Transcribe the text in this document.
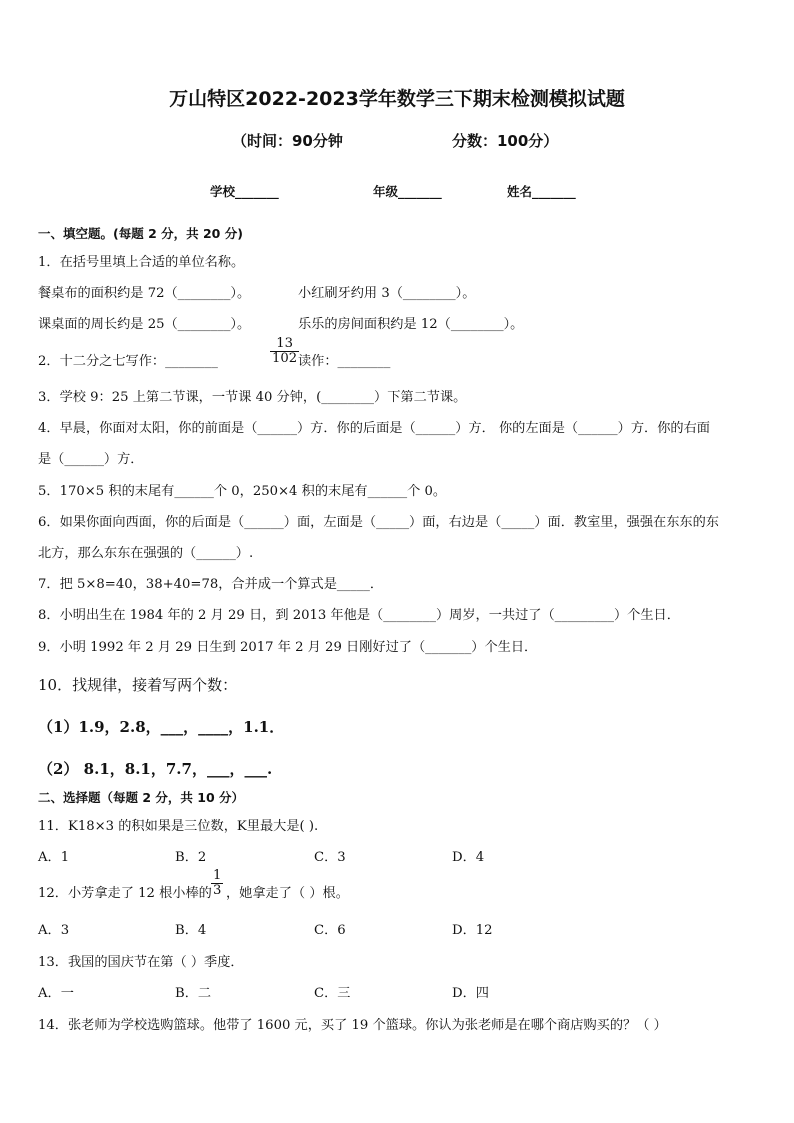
万山特区2022-2023学年数学三下期末检测模拟试题
（时间：90分钟	分数：100分）
学校_______	年级_______	姓名_______
一、填空题。(每题 2 分，共 20 分)
1．在括号里填上合适的单位名称。
餐桌布的面积约是 72（________）。	小红刷牙约用 3（________）。
课桌面的周长约是 25（________）。	乐乐的房间面积约是 12（________）。
2．十二分之七写作：________	$\frac{13}{102}$
读作：________
3．学校 9：25 上第二节课，一节课 40 分钟，(________）下第二节课。
4．早晨，你面对太阳，你的前面是（______）方．你的后面是（______）方． 你的左面是（______）方．你的右面
是（______）方．
5．170×5 积的末尾有______个 0，250×4 积的末尾有______个 0。
6．如果你面向西面，你的后面是（______）面，左面是（_____）面，右边是（_____）面．教室里，强强在东东的东
北方，那么东东在强强的（______）.
7．把 5×8=40，38+40=78，合并成一个算式是_____．
8．小明出生在 1984 年的 2 月 29 日，到 2013 年他是（________）周岁，一共过了（_________）个生日．
9．小明 1992 年 2 月 29 日生到 2017 年 2 月 29 日刚好过了（_______）个生日．
10．找规律，接着写两个数：
（1）1.9，2.8，___，____，1.1．
（2） 8.1，8.1，7.7，___，___.
二、选择题（每题 2 分，共 10 分）
11．K18×3 的积如果是三位数，K里最大是( ).
A．1	B．2	C．3	D．4
12．小芳拿走了 12 根小棒的 $\frac{1}{3}$ ，她拿走了（ ）根。
A．3	B．4	C．6	D．12
13．我国的国庆节在第（ ）季度．
A．一	B．二	C．三	D．四
14．张老师为学校选购篮球。他带了 1600 元，买了 19 个篮球。你认为张老师是在哪个商店购买的？（ ）
